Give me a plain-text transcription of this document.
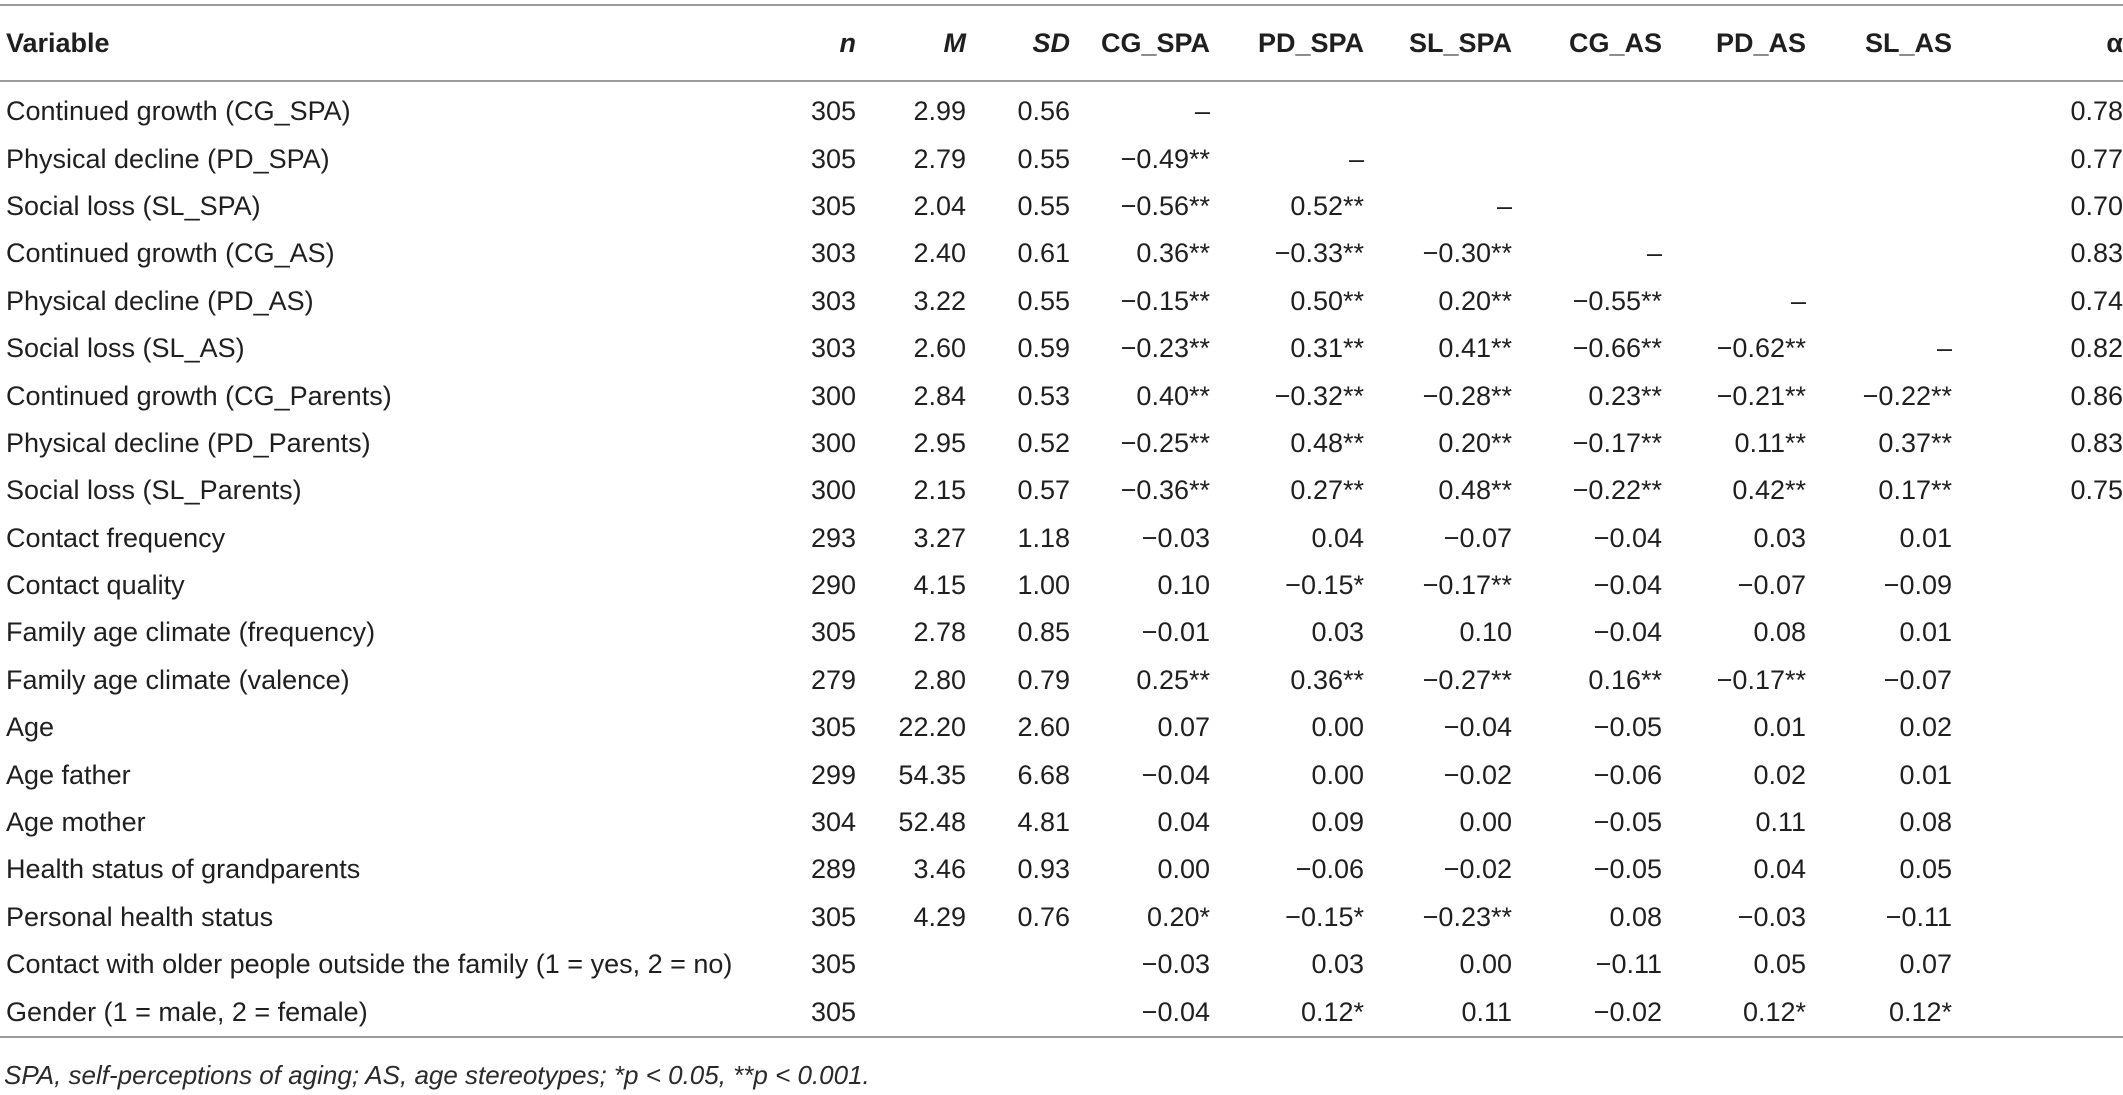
Variable	n	M	SD	CG_SPA	PD_SPA	SL_SPA	CG_AS	PD_AS	SL_AS	α
Continued growth (CG_SPA)	305	2.99	0.56	–						0.78
Physical decline (PD_SPA)	305	2.79	0.55	−0.49**	–					0.77
Social loss (SL_SPA)	305	2.04	0.55	−0.56**	0.52**	–				0.70
Continued growth (CG_AS)	303	2.40	0.61	0.36**	−0.33**	−0.30**	–			0.83
Physical decline (PD_AS)	303	3.22	0.55	−0.15**	0.50**	0.20**	−0.55**	–		0.74
Social loss (SL_AS)	303	2.60	0.59	−0.23**	0.31**	0.41**	−0.66**	−0.62**	–	0.82
Continued growth (CG_Parents)	300	2.84	0.53	0.40**	−0.32**	−0.28**	0.23**	−0.21**	−0.22**	0.86
Physical decline (PD_Parents)	300	2.95	0.52	−0.25**	0.48**	0.20**	−0.17**	0.11**	0.37**	0.83
Social loss (SL_Parents)	300	2.15	0.57	−0.36**	0.27**	0.48**	−0.22**	0.42**	0.17**	0.75
Contact frequency	293	3.27	1.18	−0.03	0.04	−0.07	−0.04	0.03	0.01	
Contact quality	290	4.15	1.00	0.10	−0.15*	−0.17**	−0.04	−0.07	−0.09	
Family age climate (frequency)	305	2.78	0.85	−0.01	0.03	0.10	−0.04	0.08	0.01	
Family age climate (valence)	279	2.80	0.79	0.25**	0.36**	−0.27**	0.16**	−0.17**	−0.07	
Age	305	22.20	2.60	0.07	0.00	−0.04	−0.05	0.01	0.02	
Age father	299	54.35	6.68	−0.04	0.00	−0.02	−0.06	0.02	0.01	
Age mother	304	52.48	4.81	0.04	0.09	0.00	−0.05	0.11	0.08	
Health status of grandparents	289	3.46	0.93	0.00	−0.06	−0.02	−0.05	0.04	0.05	
Personal health status	305	4.29	0.76	0.20*	−0.15*	−0.23**	0.08	−0.03	−0.11	
Contact with older people outside the family (1 = yes, 2 = no)	305			−0.03	0.03	0.00	−0.11	0.05	0.07	
Gender (1 = male, 2 = female)	305			−0.04	0.12*	0.11	−0.02	0.12*	0.12*	
SPA, self-perceptions of aging; AS, age stereotypes; *p < 0.05, **p < 0.001.
